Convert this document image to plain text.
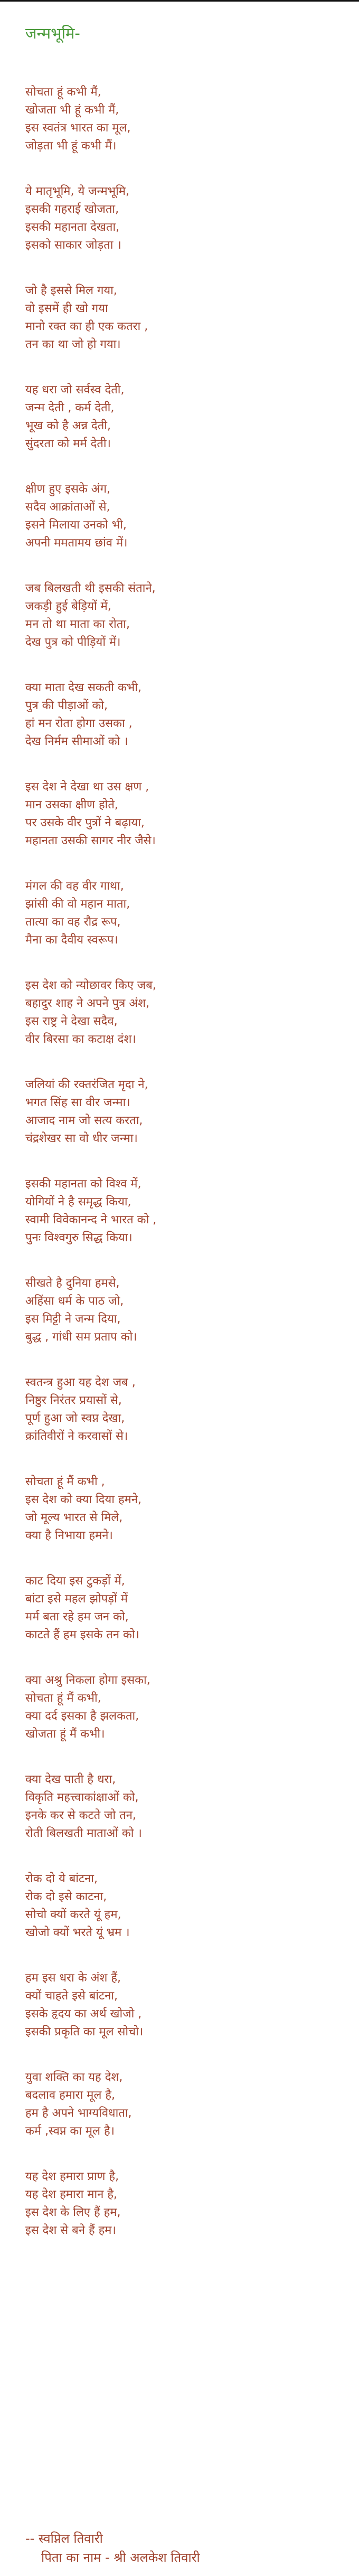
जन्मभूमि-
सोचता हूं कभी मैं,
खोजता भी हूं कभी मैं,
इस स्वतंत्र भारत का मूल,
जोड़ता भी हूं कभी मैं।
ये मातृभूमि, ये जन्मभूमि,
इसकी गहराई खोजता,
इसकी महानता देखता,
इसको साकार जोड़ता ।
जो है इससे मिल गया,
वो इसमें ही खो गया
मानो रक्त का ही एक कतरा ,
तन का था जो हो गया।
यह धरा जो सर्वस्व देती,
जन्म देती , कर्म देती,
भूख को है अन्न देती,
सुंदरता को मर्म देती।
क्षीण हुए इसके अंग,
सदैव आक्रांताओं से,
इसने मिलाया उनको भी,
अपनी ममतामय छांव में।
जब बिलखती थी इसकी संताने,
जकड़ी हुई बेड़ियों में,
मन तो था माता का रोता,
देख पुत्र को पीड़ियों में।
क्या माता देख सकती कभी,
पुत्र की पीड़ाओं को,
हां मन रोता होगा उसका ,
देख निर्मम सीमाओं को ।
इस देश ने देखा था उस क्षण ,
मान उसका क्षीण होते,
पर उसके वीर पुत्रों ने बढ़ाया,
महानता उसकी सागर नीर जैसे।
मंगल की वह वीर गाथा,
झांसी की वो महान माता,
तात्या का वह रौद्र रूप,
मैना का दैवीय स्वरूप।
इस देश को न्योछावर किए जब,
बहादुर शाह ने अपने पुत्र अंश,
इस राष्ट्र ने देखा सदैव,
वीर बिरसा का कटाक्ष दंश।
जलियां की रक्तरंजित मृदा ने,
भगत सिंह सा वीर जन्मा।
आजाद नाम जो सत्य करता,
चंद्रशेखर सा वो धीर जन्मा।
इसकी महानता को विश्व में,
योगियों ने है समृद्ध किया,
स्वामी विवेकानन्द ने भारत को ,
पुनः विश्वगुरु सिद्ध किया।
सीखते है दुनिया हमसे,
अहिंसा धर्म के पाठ जो,
इस मिट्टी ने जन्म दिया,
बुद्ध , गांधी सम प्रताप को।
स्वतन्त्र हुआ यह देश जब ,
निष्ठुर निरंतर प्रयासों से,
पूर्ण हुआ जो स्वप्न देखा,
क्रांतिवीरों ने करवासों से।
सोचता हूं मैं कभी ,
इस देश को क्या दिया हमने,
जो मूल्य भारत से मिले,
क्या है निभाया हमने।
काट दिया इस टुकड़ों में,
बांटा इसे महल झोपड़ों में
मर्म बता रहे हम जन को,
काटते हैं हम इसके तन को।
क्या अश्रु निकला होगा इसका,
सोचता हूं मैं कभी,
क्या दर्द इसका है झलकता,
खोजता हूं मैं कभी।
क्या देख पाती है धरा,
विकृति महत्त्वाकांक्षाओं को,
इनके कर से कटते जो तन,
रोती बिलखती माताओं को ।
रोक दो ये बांटना,
रोक दो इसे काटना,
सोचो क्यों करते यूं हम,
खोजो क्यों भरते यूं भ्रम ।
हम इस धरा के अंश हैं,
क्यों चाहते इसे बांटना,
इसके हृदय का अर्थ खोजो ,
इसकी प्रकृति का मूल सोचो।
युवा शक्ति का यह देश,
बदलाव हमारा मूल है,
हम है अपने भाग्यविधाता,
कर्म ,स्वप्न का मूल है।
यह देश हमारा प्राण है,
यह देश हमारा मान है,
इस देश के लिए हैं हम,
इस देश से बने हैं हम।
-- स्वप्निल तिवारी
पिता का नाम - श्री अलकेश तिवारी
